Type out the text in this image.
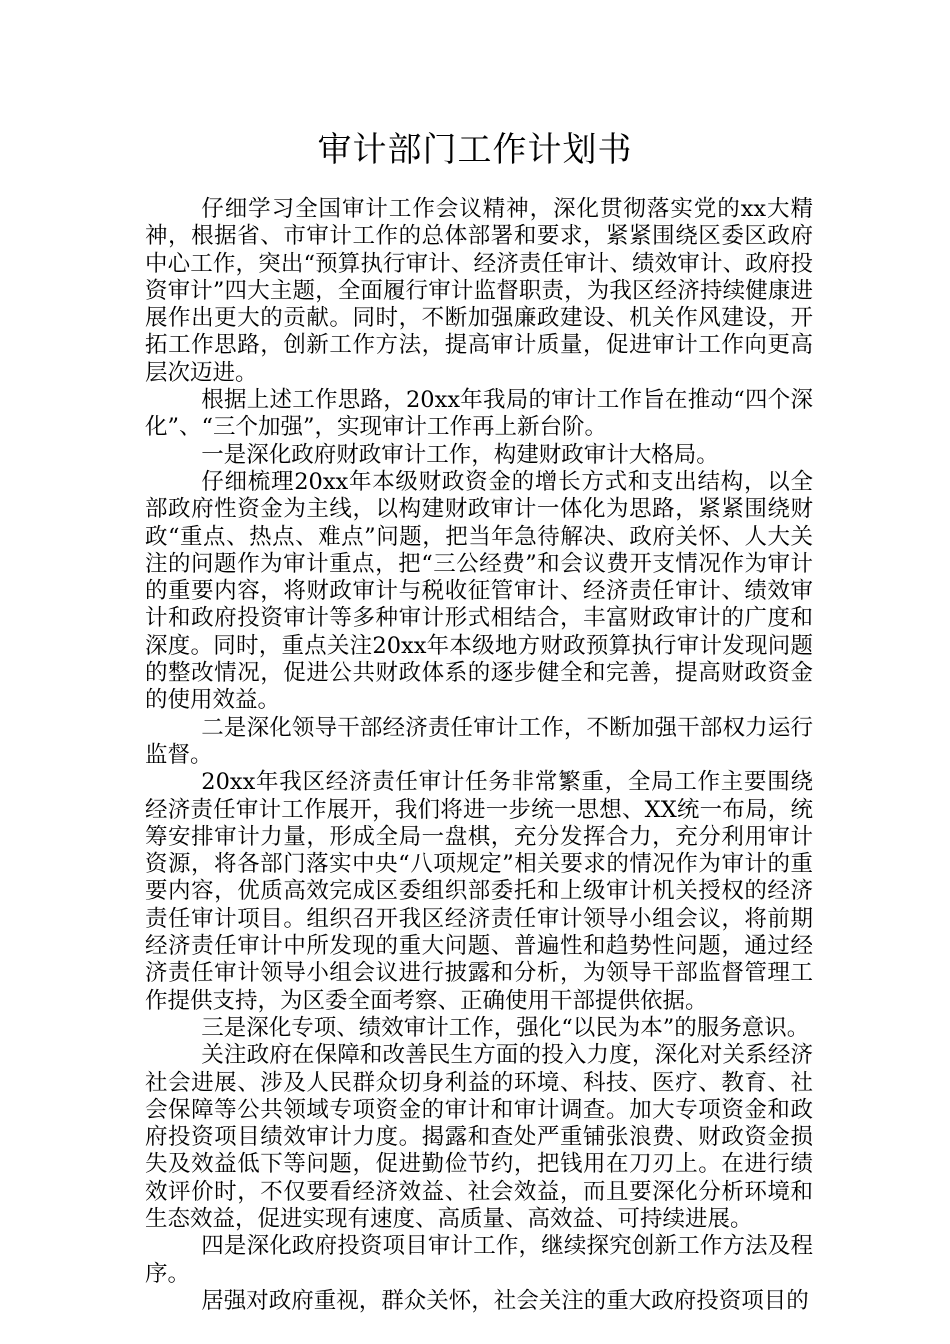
审计部门工作计划书

仔细学习全国审计工作会议精神，深化贯彻落实党的xx大精神，根据省、市审计工作的总体部署和要求，紧紧围绕区委区政府中心工作，突出“预算执行审计、经济责任审计、绩效审计、政府投资审计”四大主题，全面履行审计监督职责，为我区经济持续健康进展作出更大的贡献。同时，不断加强廉政建设、机关作风建设，开拓工作思路，创新工作方法，提高审计质量，促进审计工作向更高层次迈进。

根据上述工作思路，20xx年我局的审计工作旨在推动“四个深化”、“三个加强”，实现审计工作再上新台阶。

一是深化政府财政审计工作，构建财政审计大格局。

仔细梳理20xx年本级财政资金的增长方式和支出结构，以全部政府性资金为主线，以构建财政审计一体化为思路，紧紧围绕财政“重点、热点、难点”问题，把当年急待解决、政府关怀、人大关注的问题作为审计重点，把“三公经费”和会议费开支情况作为审计的重要内容，将财政审计与税收征管审计、经济责任审计、绩效审计和政府投资审计等多种审计形式相结合，丰富财政审计的广度和深度。同时，重点关注20xx年本级地方财政预算执行审计发现问题的整改情况，促进公共财政体系的逐步健全和完善，提高财政资金的使用效益。

二是深化领导干部经济责任审计工作，不断加强干部权力运行监督。

20xx年我区经济责任审计任务非常繁重，全局工作主要围绕经济责任审计工作展开，我们将进一步统一思想、XX统一布局，统筹安排审计力量，形成全局一盘棋，充分发挥合力，充分利用审计资源，将各部门落实中央“八项规定”相关要求的情况作为审计的重要内容，优质高效完成区委组织部委托和上级审计机关授权的经济责任审计项目。组织召开我区经济责任审计领导小组会议，将前期经济责任审计中所发现的重大问题、普遍性和趋势性问题，通过经济责任审计领导小组会议进行披露和分析，为领导干部监督管理工作提供支持，为区委全面考察、正确使用干部提供依据。

三是深化专项、绩效审计工作，强化“以民为本”的服务意识。

关注政府在保障和改善民生方面的投入力度，深化对关系经济社会进展、涉及人民群众切身利益的环境、科技、医疗、教育、社会保障等公共领域专项资金的审计和审计调查。加大专项资金和政府投资项目绩效审计力度。揭露和查处严重铺张浪费、财政资金损失及效益低下等问题，促进勤俭节约，把钱用在刀刃上。在进行绩效评价时，不仅要看经济效益、社会效益，而且要深化分析环境和生态效益，促进实现有速度、高质量、高效益、可持续进展。

四是深化政府投资项目审计工作，继续探究创新工作方法及程序。

居强对政府重视，群众关怀，社会关注的重大政府投资项目的
